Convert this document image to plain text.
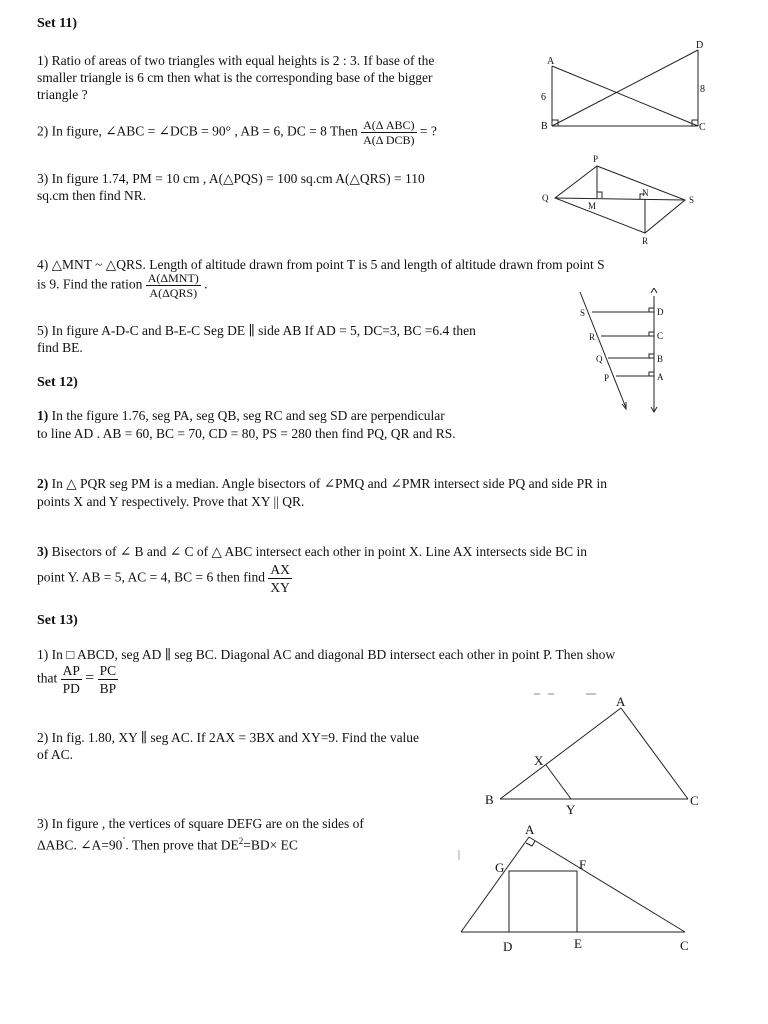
Set 11)
1) Ratio of areas of two triangles with equal heights is 2 : 3. If base of the
smaller triangle is 6 cm then what is the corresponding base of the bigger
triangle ?
2) In figure, ∠ABC = ∠DCB = 90° , AB = 6, DC = 8 Then $\frac{\text{A(Δ ABC)}}{\text{A(Δ DCB)}}$ = ?
3) In figure 1.74, PM = 10 cm , A(△PQS) = 100 sq.cm A(△QRS) = 110
sq.cm then find NR.
4) △MNT ~ △QRS. Length of altitude drawn from point T is 5 and length of altitude drawn from point S
is 9. Find the ration $\frac{\text{A(ΔMNT)}}{\text{A(ΔQRS)}}$ .
5) In figure A-D-C and B-E-C Seg DE ∥ side AB If AD = 5, DC=3, BC =6.4 then
find BE.
Set 12)
1) In the figure 1.76, seg PA, seg QB, seg RC and seg SD are perpendicular
to line AD . AB = 60, BC = 70, CD = 80, PS = 280 then find PQ, QR and RS.
2) In △ PQR seg PM is a median. Angle bisectors of ∠PMQ and ∠PMR intersect side PQ and side PR in
points X and Y respectively. Prove that XY || QR.
3) Bisectors of ∠ B and ∠ C of △ ABC intersect each other in point X. Line AX intersects side BC in
point Y. AB = 5, AC = 4, BC = 6 then find $\frac{AX}{XY}$
Set 13)
1) In □ ABCD, seg AD ∥ seg BC. Diagonal AC and diagonal BD intersect each other in point P. Then show
that $\frac{AP}{PD} = \frac{PC}{BP}$
2) In fig. 1.80, XY ∥ seg AC. If 2AX = 3BX and XY=9. Find the value
of AC.
3) In figure , the vertices of square DEFG are on the sides of
ΔABC. ∠A=90˚. Then prove that $DE^2=BD\times$ EC
A
B	C
D
6
8
P
Q
M
N
S
R
S
R
Q
P
D
C
B
A
A
X
B
Y
C
A
G	F
D	E	C
